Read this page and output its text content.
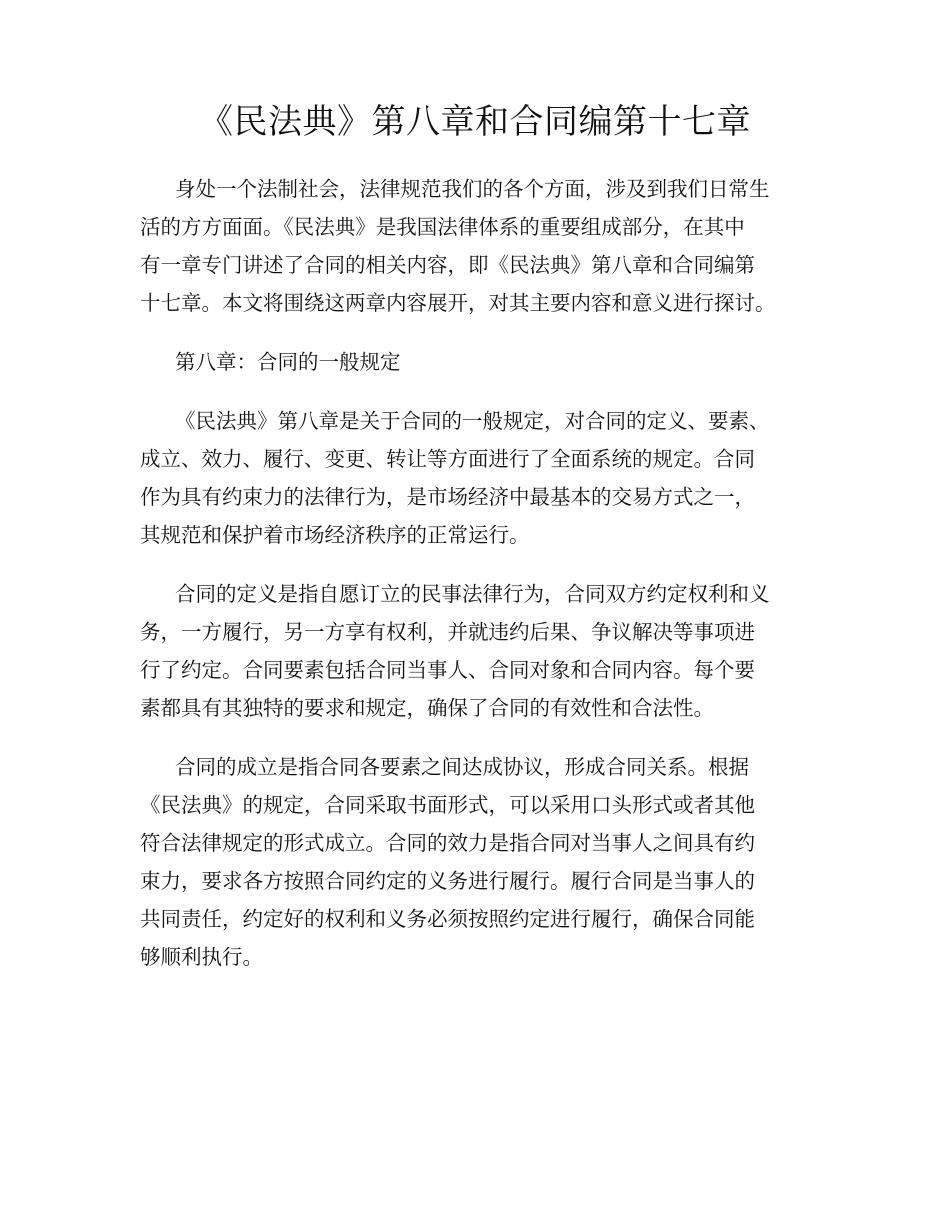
《民法典》第八章和合同编第十七章

身处一个法制社会，法律规范我们的各个方面，涉及到我们日常生
活的方方面面。《民法典》是我国法律体系的重要组成部分，在其中
有一章专门讲述了合同的相关内容，即《民法典》第八章和合同编第
十七章。本文将围绕这两章内容展开，对其主要内容和意义进行探讨。

第八章：合同的一般规定

《民法典》第八章是关于合同的一般规定，对合同的定义、要素、
成立、效力、履行、变更、转让等方面进行了全面系统的规定。合同
作为具有约束力的法律行为，是市场经济中最基本的交易方式之一，
其规范和保护着市场经济秩序的正常运行。

合同的定义是指自愿订立的民事法律行为，合同双方约定权利和义
务，一方履行，另一方享有权利，并就违约后果、争议解决等事项进
行了约定。合同要素包括合同当事人、合同对象和合同内容。每个要
素都具有其独特的要求和规定，确保了合同的有效性和合法性。

合同的成立是指合同各要素之间达成协议，形成合同关系。根据
《民法典》的规定，合同采取书面形式，可以采用口头形式或者其他
符合法律规定的形式成立。合同的效力是指合同对当事人之间具有约
束力，要求各方按照合同约定的义务进行履行。履行合同是当事人的
共同责任，约定好的权利和义务必须按照约定进行履行，确保合同能
够顺利执行。
